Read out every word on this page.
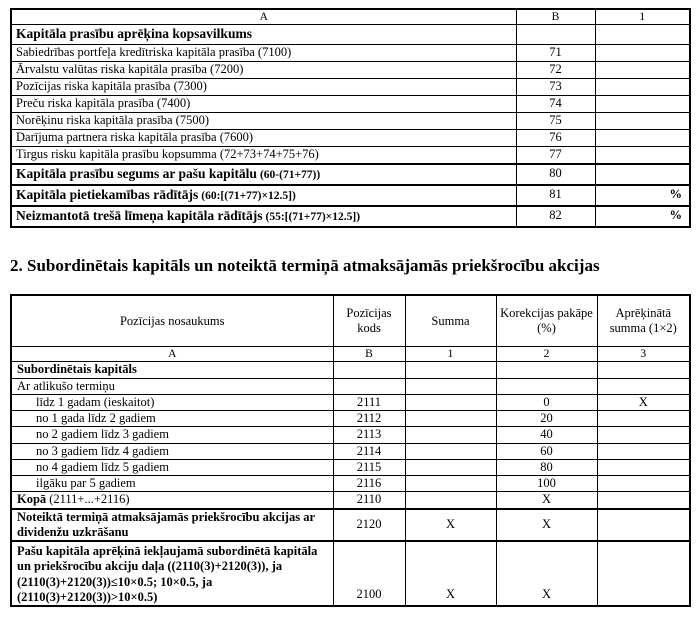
A	B	1
Kapitāla prasību aprēķina kopsavilkums		
Sabiedrības portfeļa kredītriska kapitāla prasība (7100)	71	
Ārvalstu valūtas riska kapitāla prasība (7200)	72	
Pozīcijas riska kapitāla prasība (7300)	73	
Preču riska kapitāla prasība (7400)	74	
Norēķinu riska kapitāla prasība (7500)	75	
Darījuma partnera riska kapitāla prasība (7600)	76	
Tirgus risku kapitāla prasību kopsumma (72+73+74+75+76)	77	
Kapitāla prasību segums ar pašu kapitālu (60-(71+77))	80	
Kapitāla pietiekamības rādītājs (60:[(71+77)×12.5])	81	%
Neizmantotā trešā līmeņa kapitāla rādītājs (55:[(71+77)×12.5])	82	%
2. Subordinētais kapitāls un noteiktā termiņā atmaksājamās priekšrocību akcijas
Pozīcijas nosaukums	Pozīcijas kods	Summa	Korekcijas pakāpe (%)	Aprēķinātā summa (1×2)
A	B	1	2	3
Subordinētais kapitāls				
Ar atlikušo termiņu				
līdz 1 gadam (ieskaitot)	2111		0	X
no 1 gada līdz 2 gadiem	2112		20	
no 2 gadiem līdz 3 gadiem	2113		40	
no 3 gadiem līdz 4 gadiem	2114		60	
no 4 gadiem līdz 5 gadiem	2115		80	
ilgāku par 5 gadiem	2116		100	
Kopā (2111+...+2116)	2110		X	
Noteiktā termiņā atmaksājamās priekšrocību akcijas ar dividenžu uzkrāšanu	2120	X	X	
Pašu kapitāla aprēķinā iekļaujamā subordinētā kapitāla un priekšrocību akciju daļa ((2110(3)+2120(3)), ja (2110(3)+2120(3))≤10×0.5; 10×0.5, ja (2110(3)+2120(3))>10×0.5)	2100	X	X	
